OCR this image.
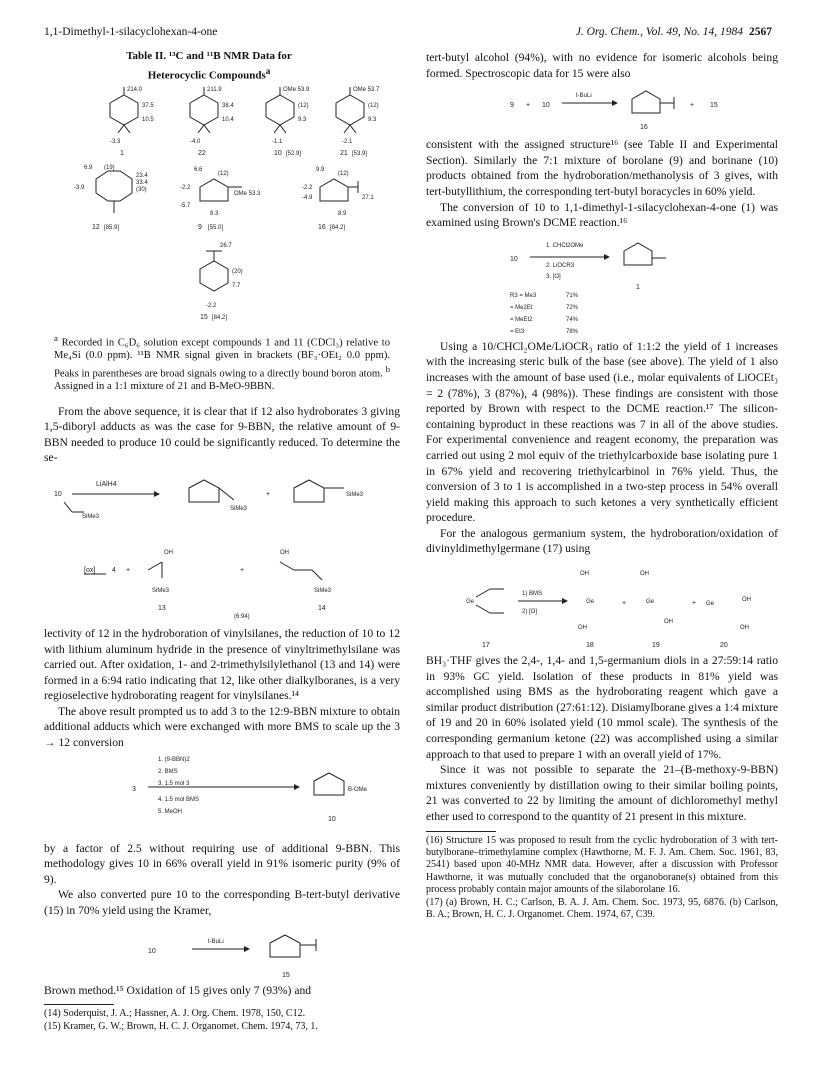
1,1-Dimethyl-1-silacyclohexan-4-one	J. Org. Chem., Vol. 49, No. 14, 1984 2567

Table II. ¹³C and ¹¹B NMR Data for

Heterocyclic Compounds$^a$

214.0
37.5
10.5
-3.3
1
211.9
38.4
10.4
-4.0
22
OMe 53.9
(12)
9.3
-1.1
10 [52.9]
OMe 53.7
(12)
9.3
-2.1
21 [53.9]
6.9 (19)
23.4
33.4
(30)
-3.9
12 [85.9]
6.6
(12)
-2.2
OMe 53.3
-5.7
8.3
9 [55.0]
9.9
(12)
-2.2
27.1
-4.9
8.9
16 [84.2]
26.7
(20)
7.7
-2.2
15 [84.2]

$^a$ Recorded in C₆D₆ solution except compounds 1 and 11 (CDCl₃) relative to Me₄Si (0.0 ppm). ¹¹B NMR signal given in brackets (BF₃·OEt₂ 0.0 ppm). Peaks in parentheses are broad signals owing to a directly bound boron atom. $^b$ Assigned in a 1:1 mixture of 21 and B-MeO-9BBN.

From the above sequence, it is clear that if 12 also hydroborates 3 giving 1,5-diboryl adducts as was the case for 9-BBN, the relative amount of 9-BBN needed to produce 10 could be significantly reduced. To determine the se-

10
LiAlH4
SiMe3
SiMe3
+	SiMe3
[ox] 4 +
OH
SiMe3
13
+
OH
SiMe3
14
(6:94)

lectivity of 12 in the hydroboration of vinylsilanes, the reduction of 10 to 12 with lithium aluminum hydride in the presence of vinyltrimethylsilane was carried out. After oxidation, 1- and 2-trimethylsilylethanol (13 and 14) were formed in a 6:94 ratio indicating that 12, like other dialkylboranes, is a very regioselective hydroborating reagent for vinylsilanes.¹⁴

The above result prompted us to add 3 to the 12:9-BBN mixture to obtain additional adducts which were exchanged with more BMS to scale up the 3 → 12 conversion

3
1. (9-BBN)2
2. BMS
3. 1.5 mol 3
4. 1.5 mol BMS
5. MeOH
B-OMe
10

by a factor of 2.5 without requiring use of additional 9-BBN. This methodology gives 10 in 66% overall yield in 91% isomeric purity (9% of 9).

We also converted pure 10 to the corresponding B-tert-butyl derivative (15) in 70% yield using the Kramer,

10
t-BuLi
15

Brown method.¹⁵ Oxidation of 15 gives only 7 (93%) and

(14) Soderquist, J. A.; Hassner, A. J. Org. Chem. 1978, 150, C12.

(15) Kramer, G. W.; Brown, H. C. J. Organomet. Chem. 1974, 73, 1.

tert-butyl alcohol (94%), with no evidence for isomeric alcohols being formed. Spectroscopic data for 15 were also

9 + 10
t-BuLi
+ 15
16

consistent with the assigned structure¹⁶ (see Table II and Experimental Section). Similarly the 7:1 mixture of borolane (9) and borinane (10) products obtained from the hydroboration/methanolysis of 3 gives, with tert-butyllithium, the corresponding tert-butyl boracycles in 60% yield.

The conversion of 10 to 1,1-dimethyl-1-silacyclohexan-4-one (1) was examined using Brown's DCME reaction.¹⁶

10
1. CHCl2OMe
2. LiOCR3
3. [O]
1
R3 = Me3	71%
= Me2Et	72%
= MeEt2	74%
= Et3	78%

Using a 10/CHCl₂OMe/LiOCR₃ ratio of 1:1:2 the yield of 1 increases with the increasing steric bulk of the base (see above). The yield of 1 also increases with the amount of base used (i.e., molar equivalents of LiOCEt₃ = 2 (78%), 3 (87%), 4 (98%)). These findings are consistent with those reported by Brown with respect to the DCME reaction.¹⁷ The silicon-containing byproduct in these reactions was 7 in all of the above studies. For experimental convenience and reagent economy, the preparation was carried out using 2 mol equiv of the triethylcarboxide base isolating pure 1 in 67% yield and recovering triethylcarbinol in 76% yield. Thus, the conversion of 3 to 1 is accomplished in a two-step process in 54% overall yield making this approach to such ketones a very synthetically efficient procedure.

For the analogous germanium system, the hydroboration/oxidation of divinyldimethylgermane (17) using

Ge
1) BMS
2) [O]
OH
Ge
OH
+
OH
Ge
OH
+ Ge
OH
OH
17	18	19	20

BH₃·THF gives the 2,4-, 1,4- and 1,5-germanium diols in a 27:59:14 ratio in 93% GC yield. Isolation of these products in 81% yield was accomplished using BMS as the hydroborating reagent which gave a similar product distribution (27:61:12). Disiamylborane gives a 1:4 mixture of 19 and 20 in 60% isolated yield (10 mmol scale). The synthesis of the corresponding germanium ketone (22) was accomplished using a similar approach to that used to prepare 1 with an overall yield of 17%.

Since it was not possible to separate the 21–(B-methoxy-9-BBN) mixtures conveniently by distillation owing to their similar boiling points, 21 was converted to 22 by limiting the amount of dichloromethyl methyl ether used to correspond to the quantity of 21 present in this mixture.

(16) Structure 15 was proposed to result from the cyclic hydroboration of 3 with tert-butylborane–trimethylamine complex (Hawthorne, M. F. J. Am. Chem. Soc. 1961, 83, 2541) based upon 40-MHz NMR data. However, after a discussion with Professor Hawthorne, it was mutually concluded that the organoborane(s) obtained from this process probably contain major amounts of the silaborolane 16.

(17) (a) Brown, H. C.; Carlson, B. A. J. Am. Chem. Soc. 1973, 95, 6876. (b) Carlson, B. A.; Brown, H. C. J. Organomet. Chem. 1974, 67, C39.
